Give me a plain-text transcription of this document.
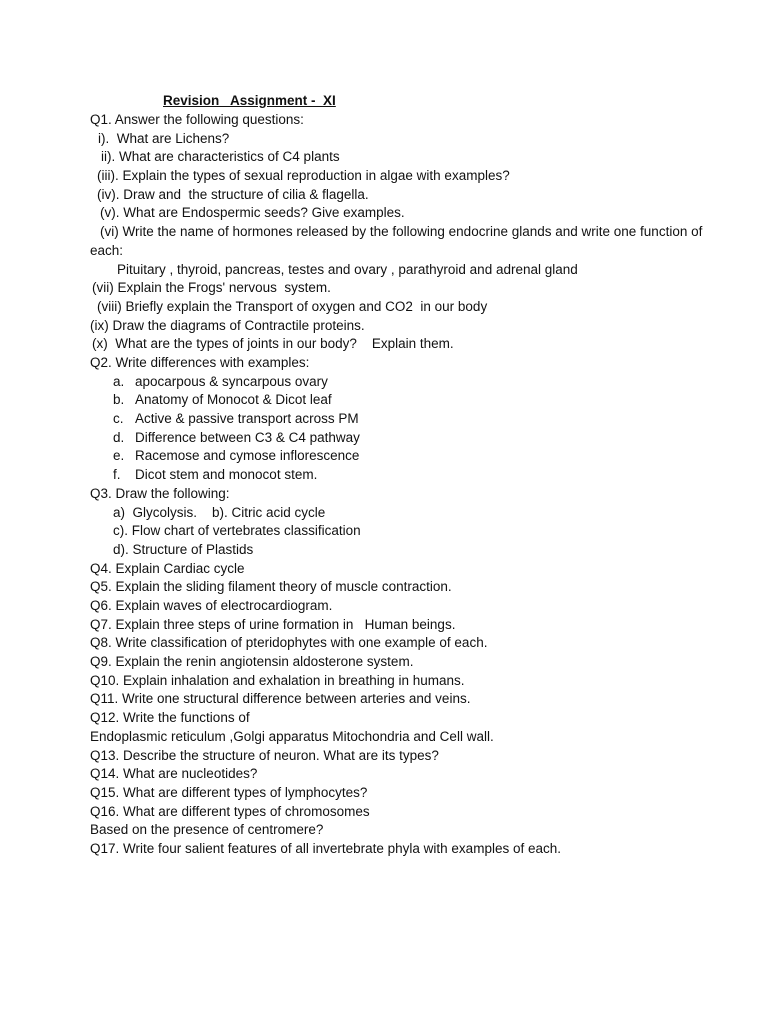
Revision   Assignment -  XI
Q1. Answer the following questions:
i).  What are Lichens?
ii). What are characteristics of C4 plants
(iii). Explain the types of sexual reproduction in algae with examples?
(iv). Draw and  the structure of cilia & flagella.
(v). What are Endospermic seeds? Give examples.
(vi) Write the name of hormones released by the following endocrine glands and write one function of each:
Pituitary , thyroid, pancreas, testes and ovary , parathyroid and adrenal gland
(vii) Explain the Frogs' nervous  system.
(viii) Briefly explain the Transport of oxygen and CO2  in our body
(ix) Draw the diagrams of Contractile proteins.
(x)  What are the types of joints in our body?    Explain them.
Q2. Write differences with examples:
a. apocarpous & syncarpous ovary
b. Anatomy of Monocot & Dicot leaf
c. Active & passive transport across PM
d. Difference between C3 & C4 pathway
e. Racemose and cymose inflorescence
f.	Dicot stem and monocot stem.
Q3. Draw the following:
a)  Glycolysis.    b). Citric acid cycle
c). Flow chart of vertebrates classification
d). Structure of Plastids
Q4. Explain Cardiac cycle
Q5. Explain the sliding filament theory of muscle contraction.
Q6. Explain waves of electrocardiogram.
Q7. Explain three steps of urine formation in   Human beings.
Q8. Write classification of pteridophytes with one example of each.
Q9. Explain the renin angiotensin aldosterone system.
Q10. Explain inhalation and exhalation in breathing in humans.
Q11. Write one structural difference between arteries and veins.
Q12. Write the functions of
Endoplasmic reticulum ,Golgi apparatus Mitochondria and Cell wall.
Q13. Describe the structure of neuron. What are its types?
Q14. What are nucleotides?
Q15. What are different types of lymphocytes?
Q16. What are different types of chromosomes
Based on the presence of centromere?
Q17. Write four salient features of all invertebrate phyla with examples of each.
